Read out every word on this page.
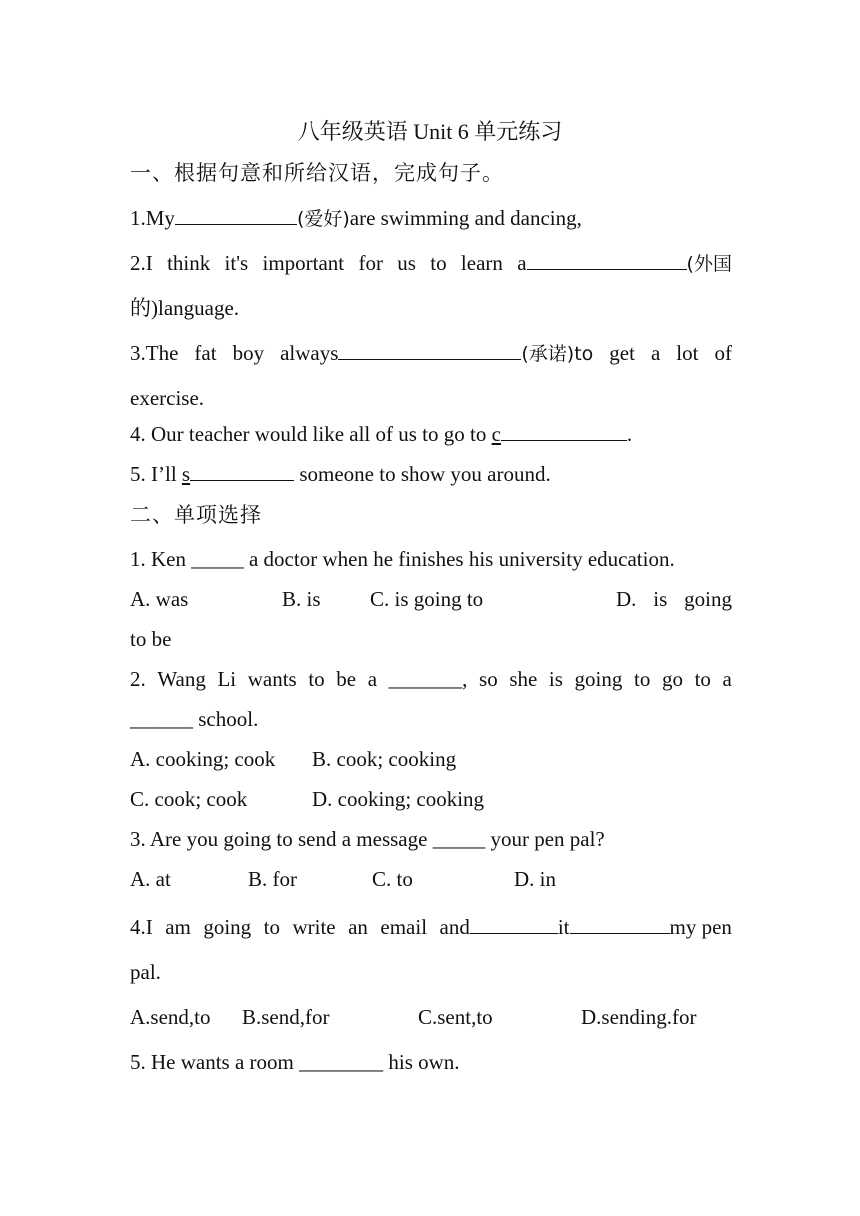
八年级英语 Unit 6 单元练习
一、根据句意和所给汉语，完成句子。
1.My	(爱好)are swimming and dancing,
2.I think it's important for us to learn a	(外国
的)language.
3.The fat boy always	(承诺)to get a lot of
exercise.
4. Our teacher would like all of us to go to c	.
5. I’ll s	someone to show you around.
二、单项选择
1. Ken _____ a doctor when he finishes his university education.
A. was	B. is C. is going to	D. is going
to be
2. Wang Li wants to be a _______, so she is going to go to a
______ school.
A. cooking; cook B. cook; cooking
C. cook; cook	D. cooking; cooking
3. Are you going to send a message _____ your pen pal?
A. at	B. for	C. to	D. in
4.I am going to write an email and	it	my pen
pal.
A.send,to B.send,for	C.sent,to	D.sending.for
5. He wants a room ________ his own.
